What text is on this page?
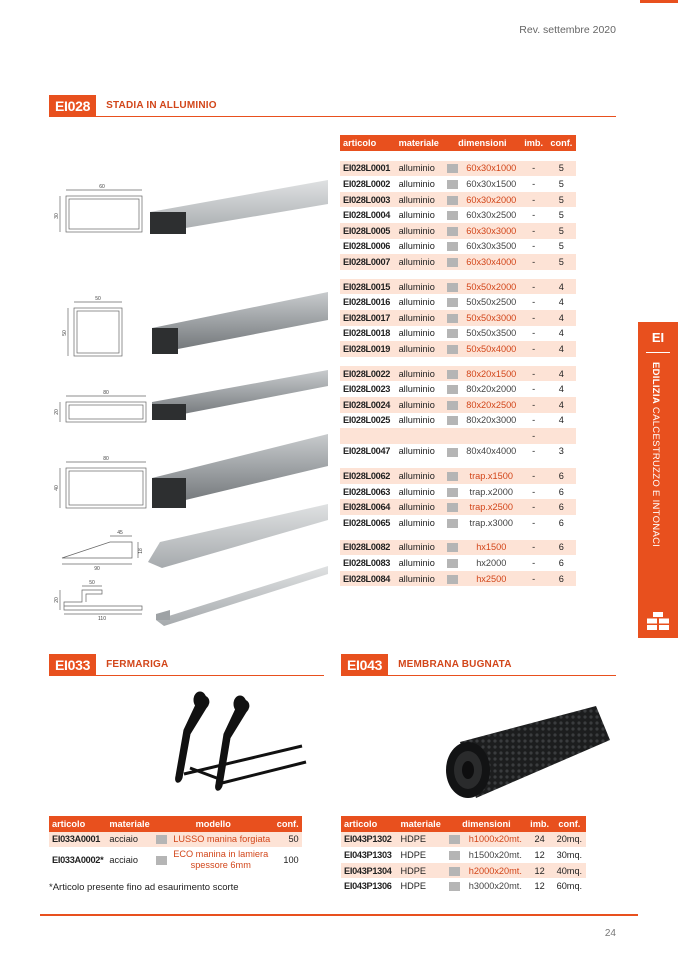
Rev. settembre 2020
EI028	STADIA IN ALLUMINIO
articolo	materiale	dimensioni		imb.	conf.

EI028L0001	alluminio		60x30x1000	-	5
EI028L0002	alluminio		60x30x1500	-	5
EI028L0003	alluminio		60x30x2000	-	5
EI028L0004	alluminio		60x30x2500	-	5
EI028L0005	alluminio		60x30x3000	-	5
EI028L0006	alluminio		60x30x3500	-	5
EI028L0007	alluminio		60x30x4000	-	5

EI028L0015	alluminio		50x50x2000	-	4
EI028L0016	alluminio		50x50x2500	-	4
EI028L0017	alluminio		50x50x3000	-	4
EI028L0018	alluminio		50x50x3500	-	4
EI028L0019	alluminio		50x50x4000	-	4

EI028L0022	alluminio		80x20x1500	-	4
EI028L0023	alluminio		80x20x2000	-	4
EI028L0024	alluminio		80x20x2500	-	4
EI028L0025	alluminio		80x20x3000	-	4
				-	
EI028L0047	alluminio		80x40x4000	-	3

EI028L0062	alluminio		trap.x1500	-	6
EI028L0063	alluminio		trap.x2000	-	6
EI028L0064	alluminio		trap.x2500	-	6
EI028L0065	alluminio		trap.x3000	-	6

EI028L0082	alluminio		hx1500	-	6
EI028L0083	alluminio		hx2000	-	6
EI028L0084	alluminio		hx2500	-	6
60
30
50
50
80
20
80
40
45
18
90
50
20
110
EI
EDILIZIA CALCESTRUZZO E INTONACI
EI033	FERMARIGA
articolo	materiale	modello	conf.
EI033A0001	acciaio	LUSSO manina forgiata	50
EI033A0002*	acciaio	ECO manina in lamiera spessore 6mm	100
*Articolo presente fino ad esaurimento scorte
EI043	MEMBRANA BUGNATA
articolo	materiale	dimensioni		imb.	conf.
EI043P1302	HDPE		h1000x20mt.	24	20mq.
EI043P1303	HDPE		h1500x20mt.	12	30mq.
EI043P1304	HDPE		h2000x20mt.	12	40mq.
EI043P1306	HDPE		h3000x20mt.	12	60mq.
24
